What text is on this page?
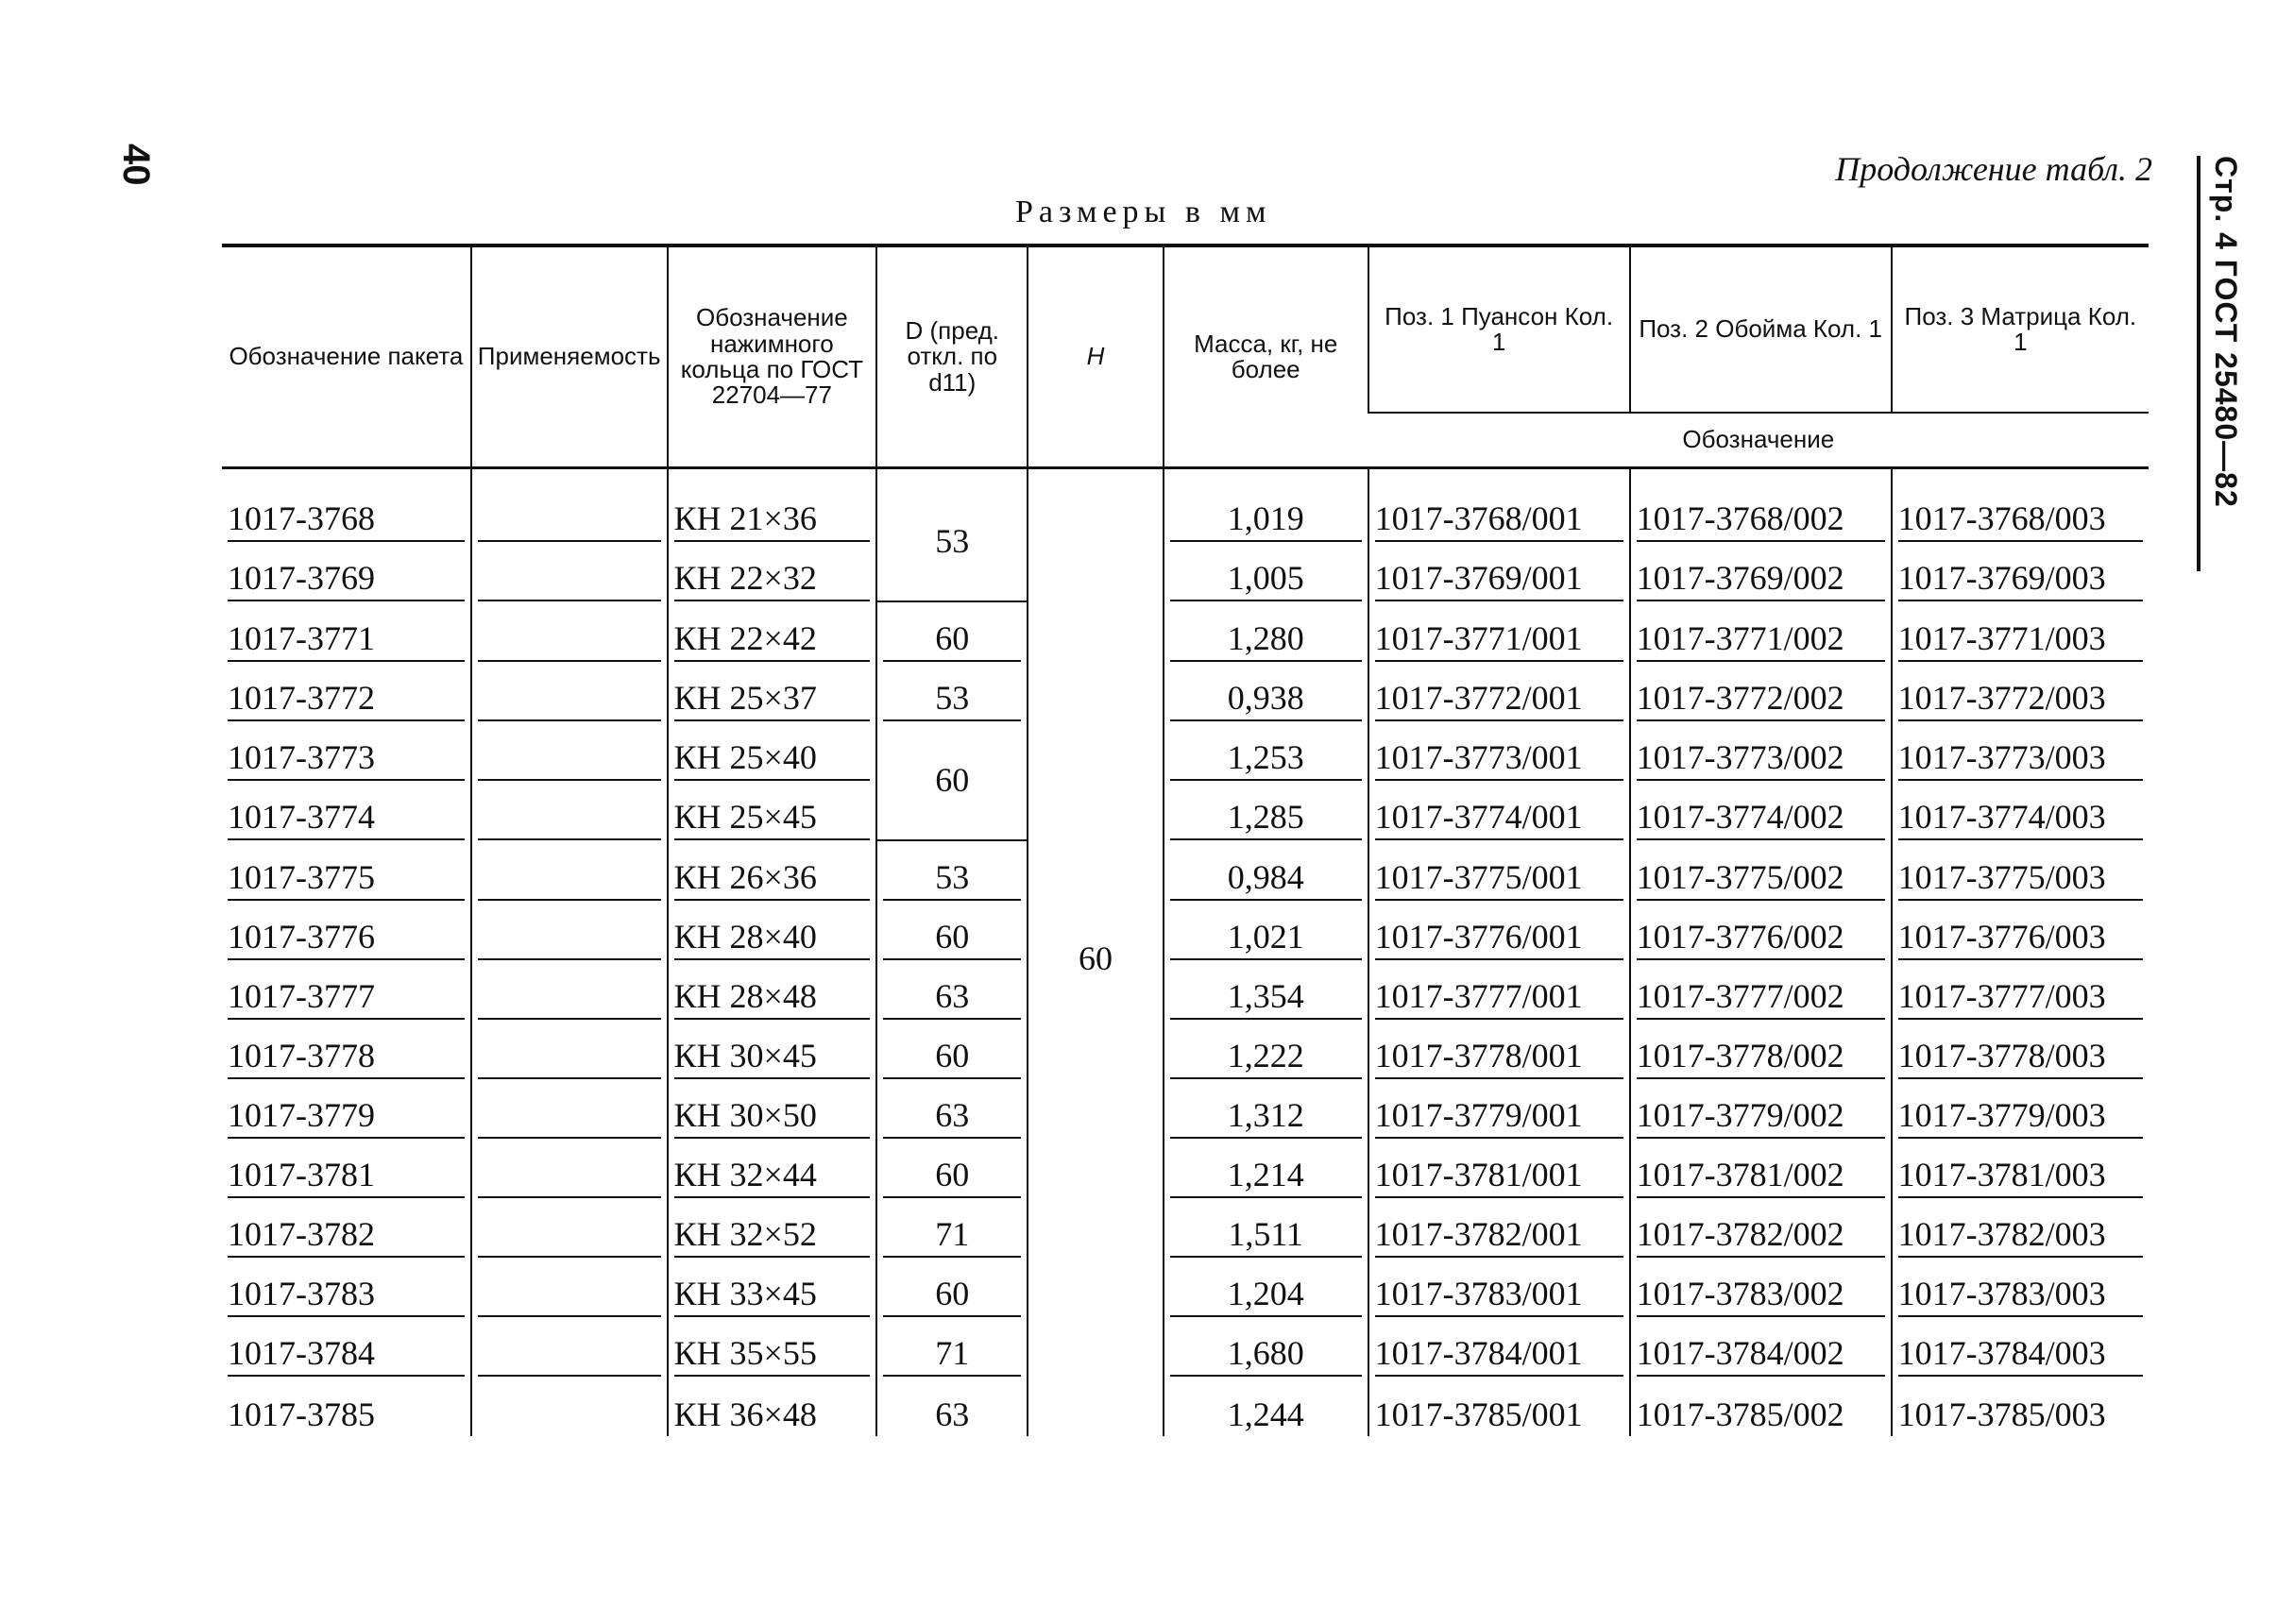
40	Стр. 4 ГОСТ 25480—82
Продолжение табл. 2
Размеры в мм
Обозначение пакета	Применяемость	Обозначение нажимного кольца по ГОСТ 22704—77	D (пред. откл. по d11)	H	Масса, кг, не более	Поз. 1 Пуансон Кол. 1	Поз. 2 Обойма Кол. 1	Поз. 3 Матрица Кол. 1
						Обозначение		

1017-3768		КН 21×36	53	60	1,019	1017-3768/001	1017-3768/002	1017-3768/003

1017-3769		КН 22×32			1,005	1017-3769/001	1017-3769/002	1017-3769/003

1017-3771		КН 22×42	60		1,280	1017-3771/001	1017-3771/002	1017-3771/003

1017-3772		КН 25×37	53		0,938	1017-3772/001	1017-3772/002	1017-3772/003

1017-3773		КН 25×40	60		1,253	1017-3773/001	1017-3773/002	1017-3773/003

1017-3774		КН 25×45			1,285	1017-3774/001	1017-3774/002	1017-3774/003

1017-3775		КН 26×36	53		0,984	1017-3775/001	1017-3775/002	1017-3775/003

1017-3776		КН 28×40	60		1,021	1017-3776/001	1017-3776/002	1017-3776/003

1017-3777		КН 28×48	63		1,354	1017-3777/001	1017-3777/002	1017-3777/003

1017-3778		КН 30×45	60		1,222	1017-3778/001	1017-3778/002	1017-3778/003

1017-3779		КН 30×50	63		1,312	1017-3779/001	1017-3779/002	1017-3779/003

1017-3781		КН 32×44	60		1,214	1017-3781/001	1017-3781/002	1017-3781/003

1017-3782		КН 32×52	71		1,511	1017-3782/001	1017-3782/002	1017-3782/003

1017-3783		КН 33×45	60		1,204	1017-3783/001	1017-3783/002	1017-3783/003

1017-3784		КН 35×55	71		1,680	1017-3784/001	1017-3784/002	1017-3784/003

1017-3785		КН 36×48	63		1,244	1017-3785/001	1017-3785/002	1017-3785/003
